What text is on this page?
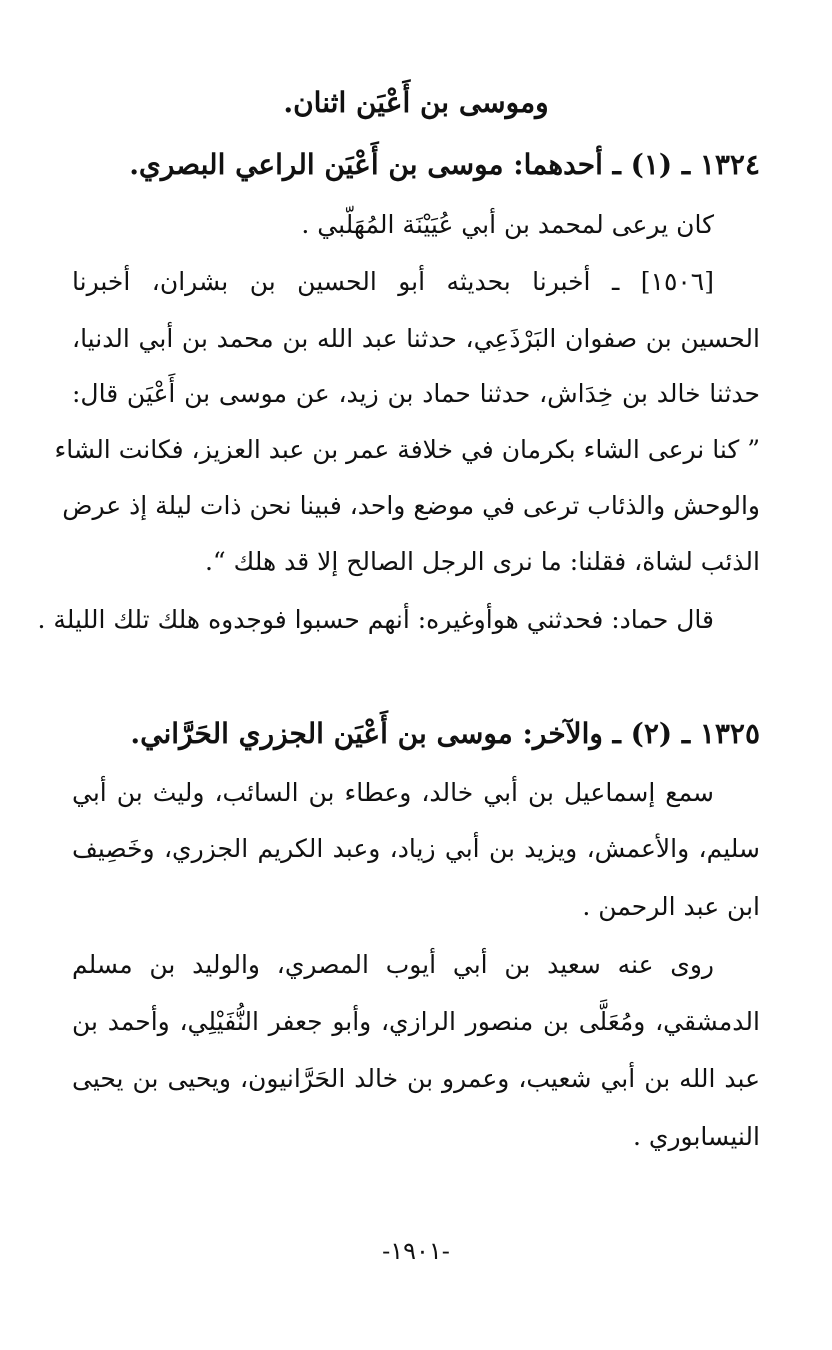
وموسى بن أَعْيَن اثنان.
١٣٢٤ ـ (١) ـ أحدهما: موسى بن أَعْيَن الراعي البصري.
كان يرعى لمحمد بن أبي عُيَيْنَة المُهَلّبي .
[١٥٠٦] ـ أخبرنا بحديثه أبو الحسين بن بشران، أخبرنا
الحسين بن صفوان البَرْذَعِي، حدثنا عبد الله بن محمد بن أبي الدنيا،
حدثنا خالد بن خِدَاش، حدثنا حماد بن زيد، عن موسى بن أَعْيَن قال:
” كنا نرعى الشاء بكرمان في خلافة عمر بن عبد العزيز، فكانت الشاء
والوحش والذئاب ترعى في موضع واحد، فبينا نحن ذات ليلة إذ عرض
الذئب لشاة، فقلنا: ما نرى الرجل الصالح إلا قد هلك “.
قال حماد: فحدثني هوأوغيره: أنهم حسبوا فوجدوه هلك تلك الليلة .
١٣٢٥ ـ (٢) ـ والآخر: موسى بن أَعْيَن الجزري الحَرَّاني.
سمع إسماعيل بن أبي خالد، وعطاء بن السائب، وليث بن أبي
سليم، والأعمش، ويزيد بن أبي زياد، وعبد الكريم الجزري، وخَصِيف
ابن عبد الرحمن .
روى عنه سعيد بن أبي أيوب المصري، والوليد بن مسلم
الدمشقي، ومُعَلَّى بن منصور الرازي، وأبو جعفر النُّفَيْلِي، وأحمد بن
عبد الله بن أبي شعيب، وعمرو بن خالد الحَرَّانيون، ويحيى بن يحيى
النيسابوري .
-١٩٠١-
